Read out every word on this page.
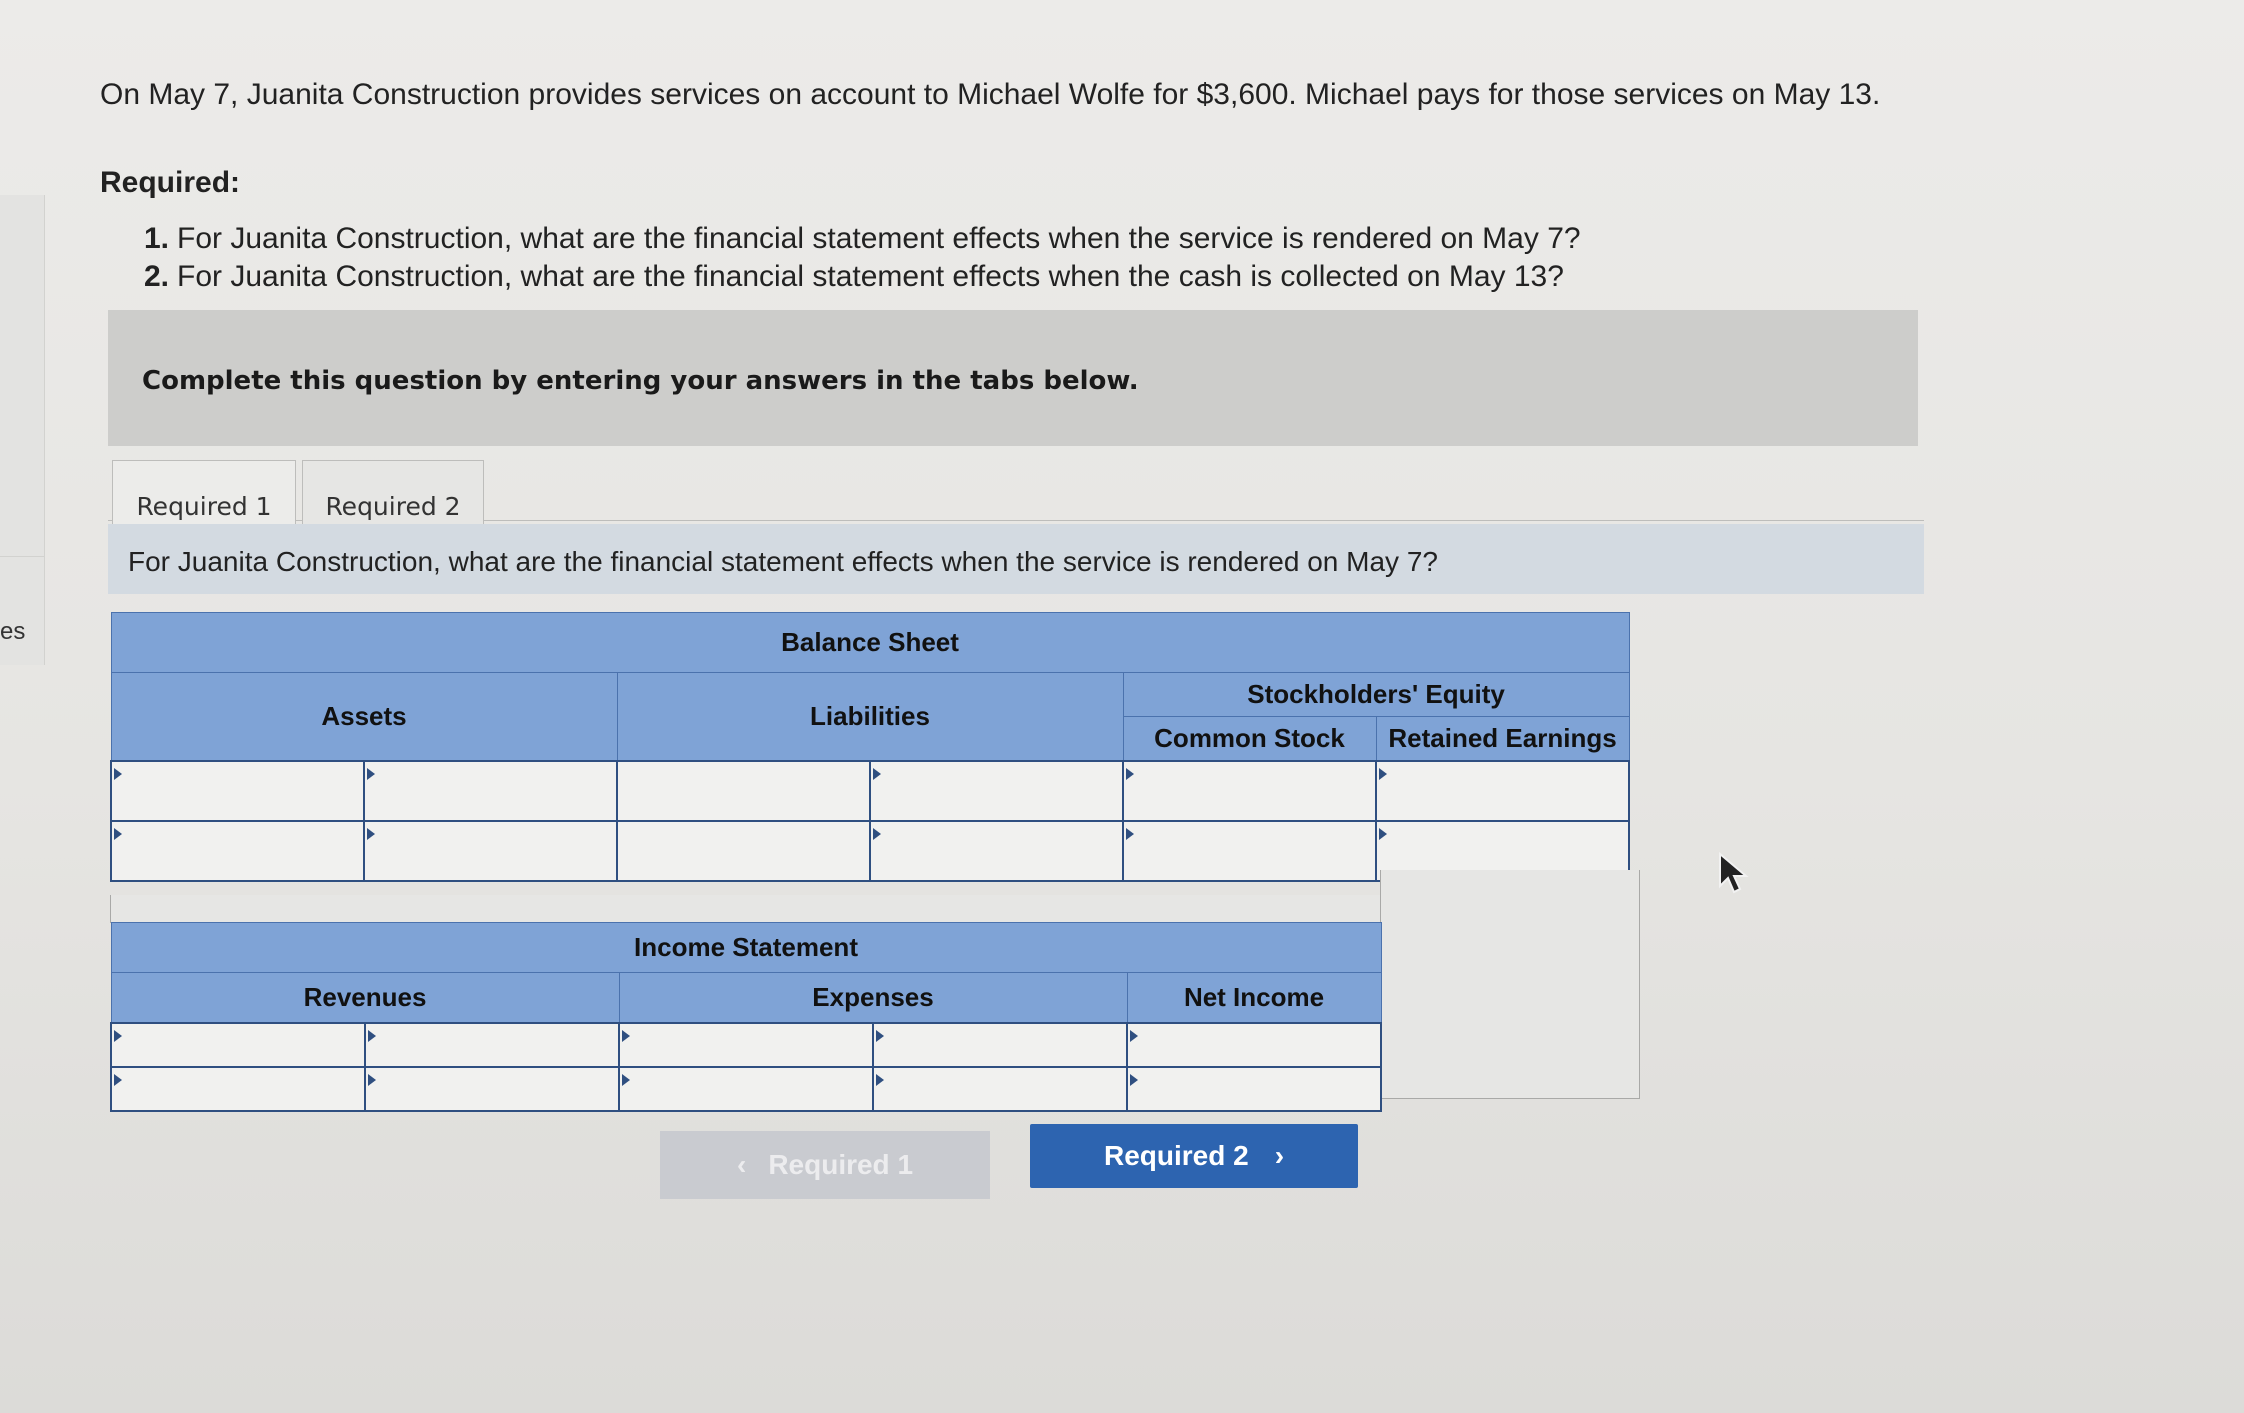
es
On May 7, Juanita Construction provides services on account to Michael Wolfe for $3,600. Michael pays for those services on May 13.
Required:
1. For Juanita Construction, what are the financial statement effects when the service is rendered on May 7?
2. For Juanita Construction, what are the financial statement effects when the cash is collected on May 13?
Complete this question by entering your answers in the tabs below.
Required 1	Required 2
For Juanita Construction, what are the financial statement effects when the service is rendered on May 7?
Balance Sheet					
Assets		Liabilities		Stockholders' Equity	
				Common Stock	Retained Earnings

Income Statement				
Revenues		Expenses		Net Income

‹ Required 1	Required 2 ›
